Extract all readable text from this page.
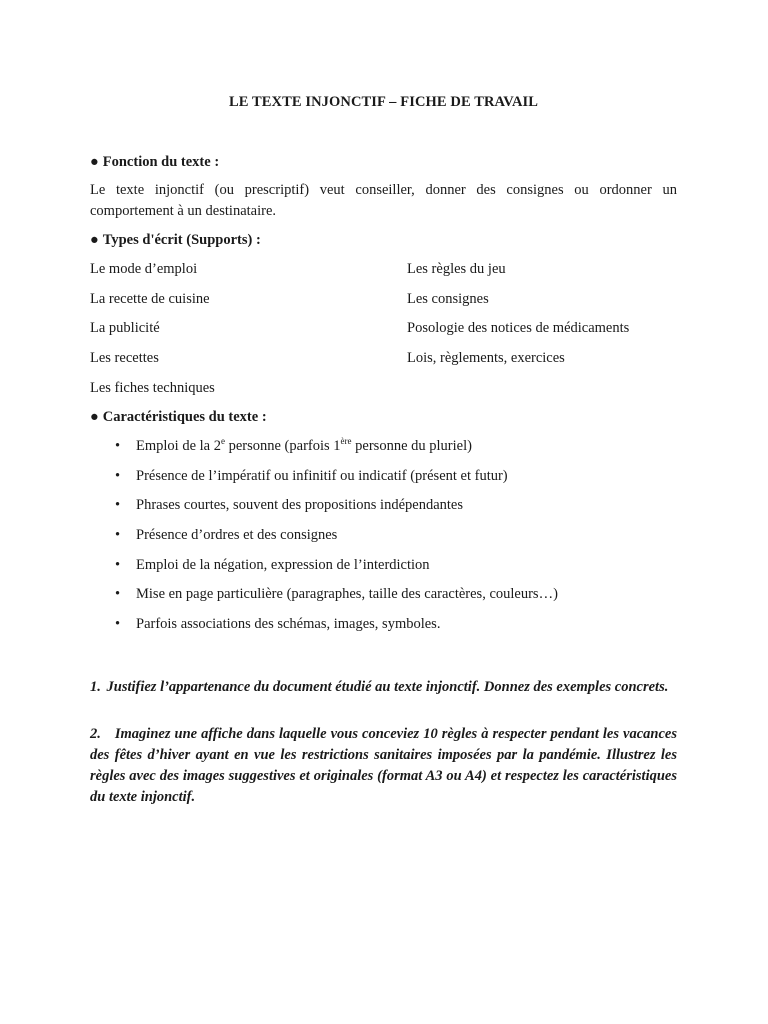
LE TEXTE INJONCTIF – FICHE DE TRAVAIL
● Fonction du texte :
Le texte injonctif (ou prescriptif) veut conseiller, donner des consignes ou ordonner un comportement à un destinataire.
● Types d'écrit (Supports) :
Le mode d’emploi	Les règles du jeu
La recette de cuisine	Les consignes
La publicité	Posologie des notices de médicaments
Les recettes	Lois, règlements, exercices
Les fiches techniques
● Caractéristiques du texte :
• Emploi de la 2e personne (parfois 1ère personne du pluriel)
• Présence de l’impératif ou infinitif ou indicatif (présent et futur)
• Phrases courtes, souvent des propositions indépendantes
• Présence d’ordres et des consignes
• Emploi de la négation, expression de l’interdiction
• Mise en page particulière (paragraphes, taille des caractères, couleurs…)
• Parfois associations des schémas, images, symboles.
1. Justifiez l’appartenance du document étudié au texte injonctif. Donnez des exemples concrets.
2. Imaginez une affiche dans laquelle vous conceviez 10 règles à respecter pendant les vacances des fêtes d’hiver ayant en vue les restrictions sanitaires imposées par la pandémie. Illustrez les règles avec des images suggestives et originales (format A3 ou A4) et respectez les caractéristiques du texte injonctif.
